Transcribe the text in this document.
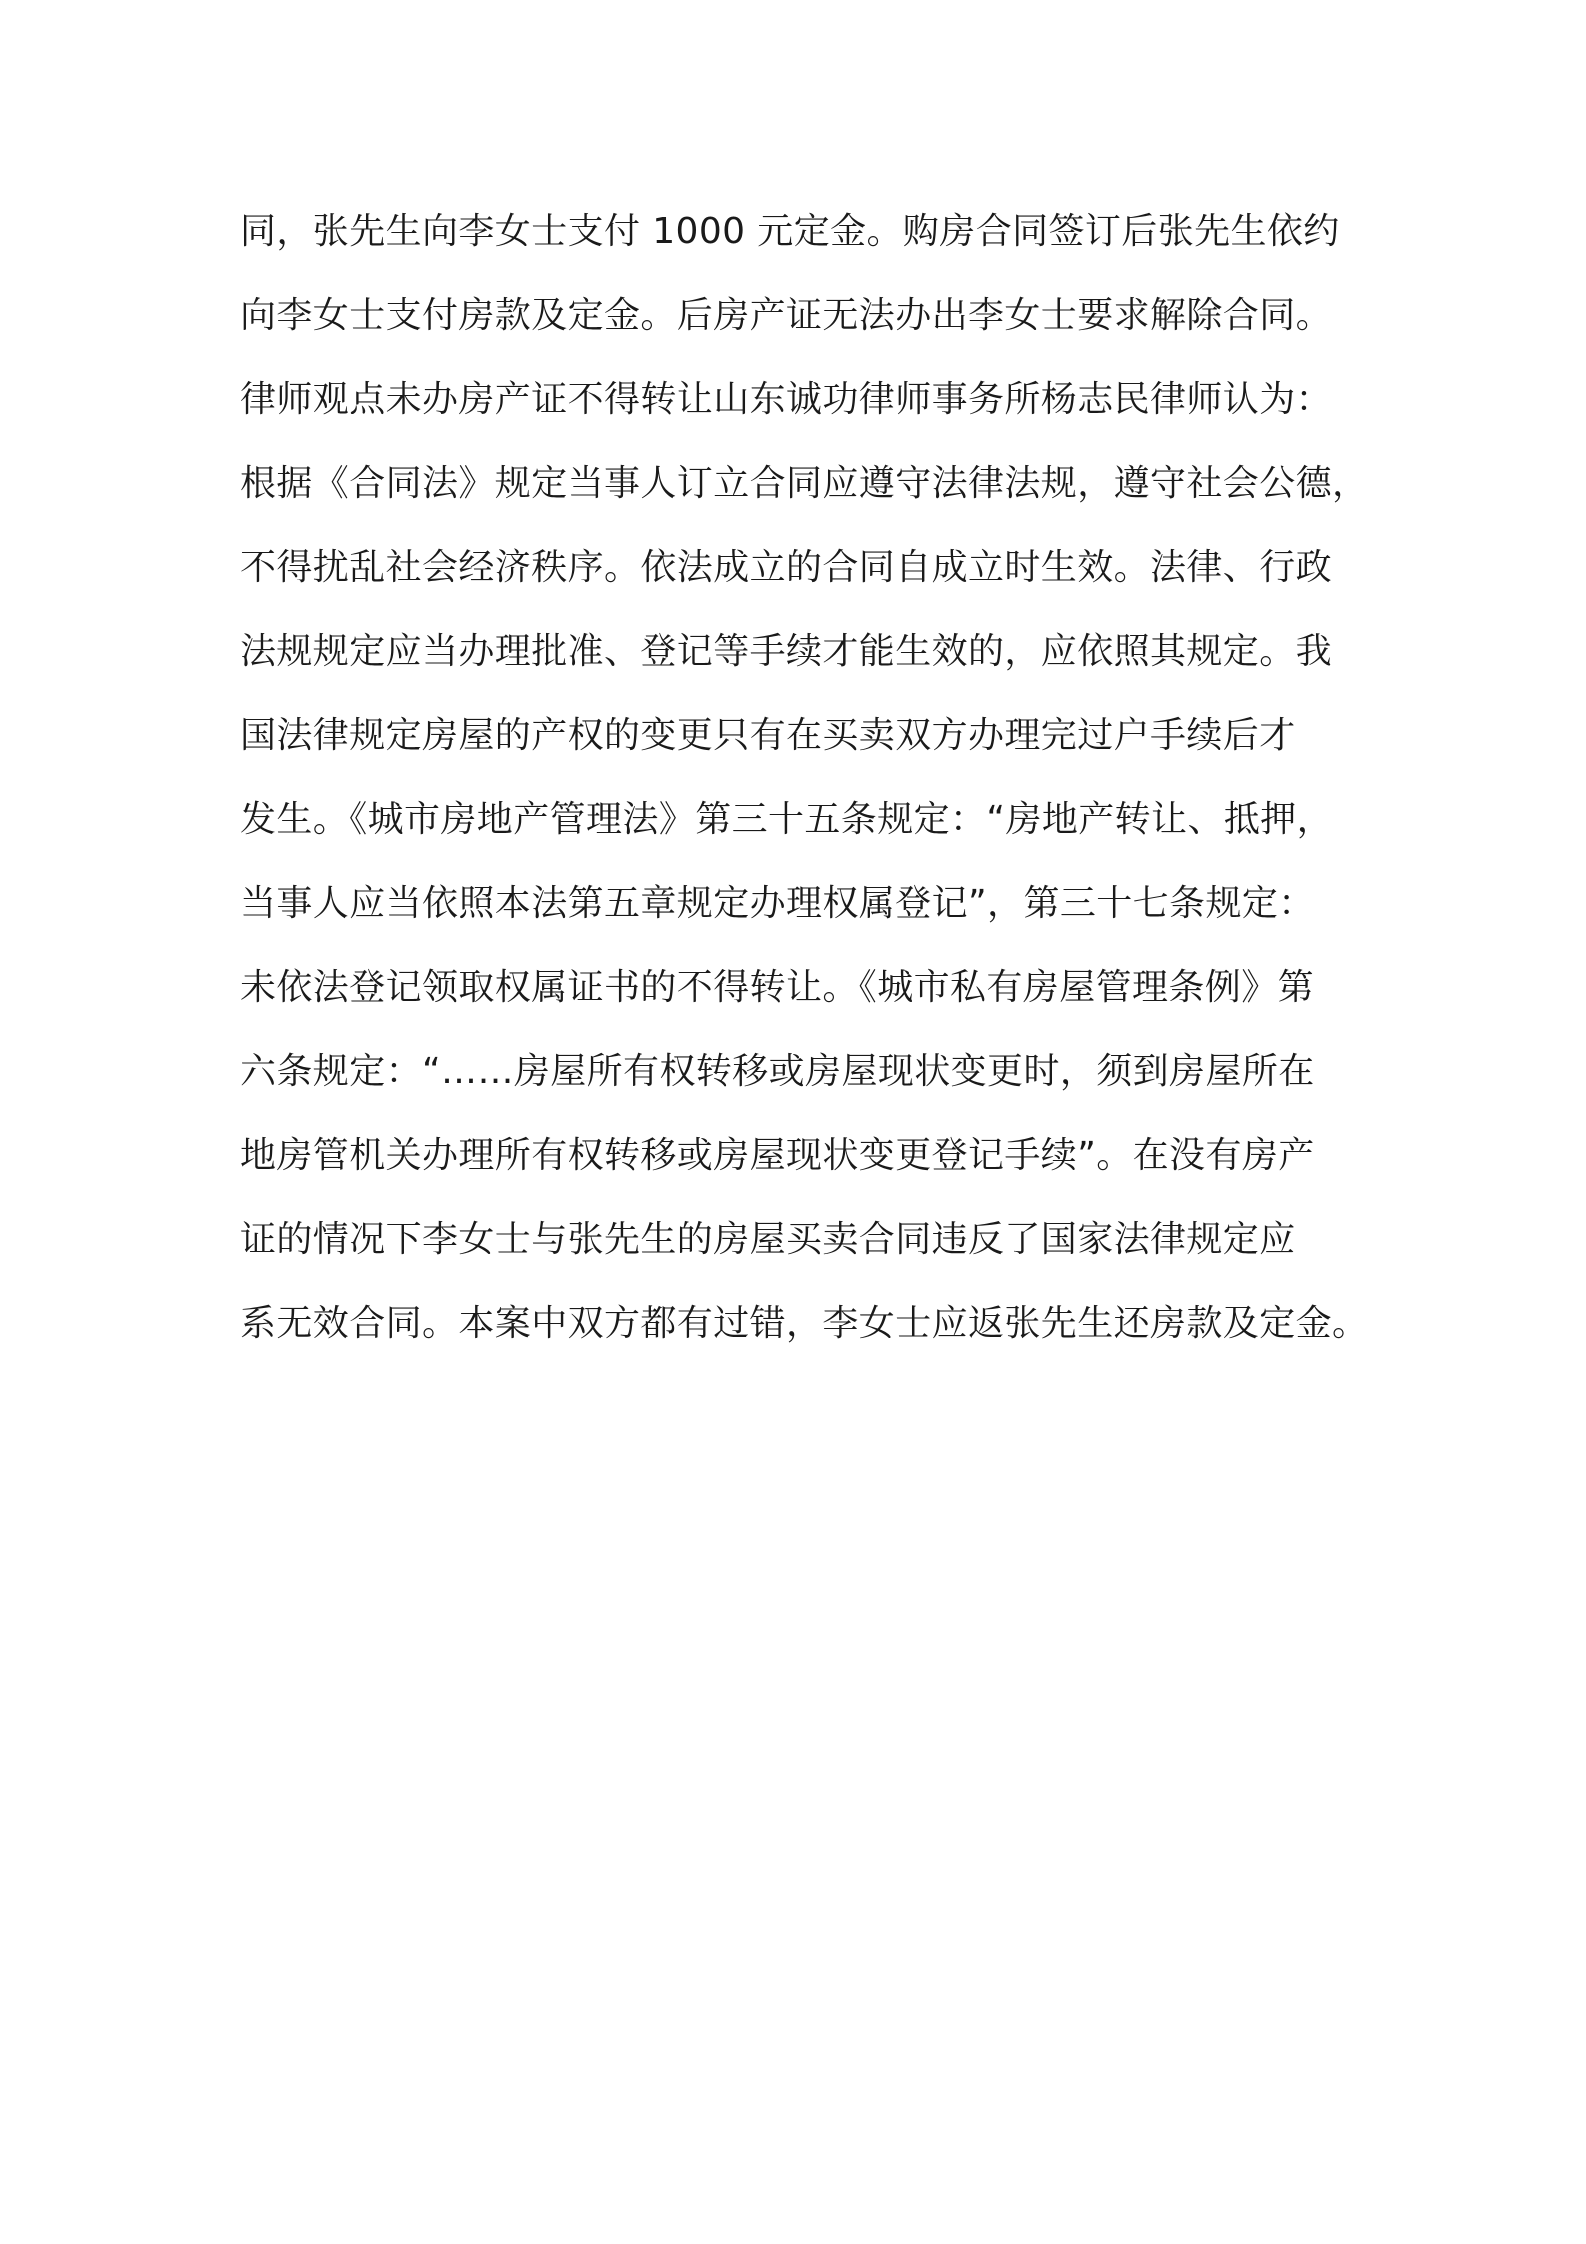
同，张先生向李女士支付 1000 元定金。购房合同签订后张先生依约
向李女士支付房款及定金。后房产证无法办出李女士要求解除合同。
律师观点未办房产证不得转让山东诚功律师事务所杨志民律师认为：
根据《合同法》规定当事人订立合同应遵守法律法规，遵守社会公德，
不得扰乱社会经济秩序。依法成立的合同自成立时生效。法律、行政
法规规定应当办理批准、登记等手续才能生效的，应依照其规定。我
国法律规定房屋的产权的变更只有在买卖双方办理完过户手续后才
发生。《城市房地产管理法》第三十五条规定：“房地产转让、抵押，
当事人应当依照本法第五章规定办理权属登记”，第三十七条规定：
未依法登记领取权属证书的不得转让。《城市私有房屋管理条例》第
六条规定：“……房屋所有权转移或房屋现状变更时，须到房屋所在
地房管机关办理所有权转移或房屋现状变更登记手续”。在没有房产
证的情况下李女士与张先生的房屋买卖合同违反了国家法律规定应
系无效合同。本案中双方都有过错，李女士应返张先生还房款及定金。
